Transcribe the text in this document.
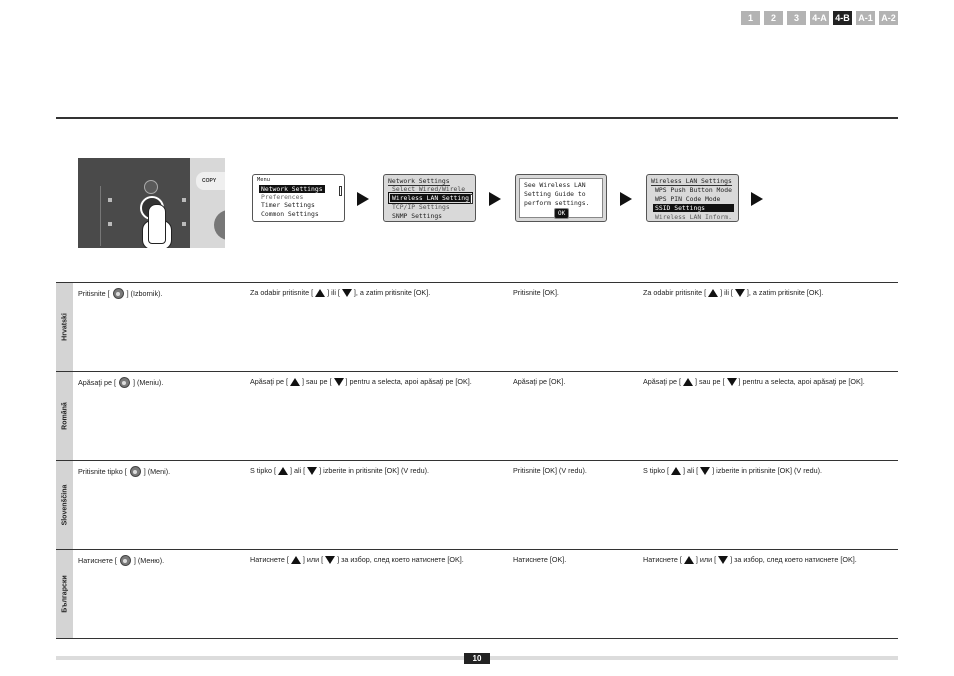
1	2	3	4-A 4-B A-1 A-2
COPY	Menu
Network Settings
Preferences
Timer Settings
Common Settings
Network Settings
Select Wired/Wirele
Wireless LAN Setting
TCP/IP Settings
SNMP Settings
See Wireless LAN
Setting Guide to
perform settings.
OK
Wireless LAN Settings
WPS Push Button Mode
WPS PIN Code Mode
SSID Settings
Wireless LAN Inform.
Hrvatski
Pritisnite [ ] (Izbornik).	Za odabir pritisnite [ ] ili [ ], a zatim pritisnite [OK].	Pritisnite [OK].	Za odabir pritisnite [ ] ili [ ], a zatim pritisnite [OK].
Română
Apăsaţi pe [ ] (Meniu).	Apăsaţi pe [ ] sau pe [ ] pentru a selecta, apoi apăsaţi pe [OK].	Apăsaţi pe [OK].	Apăsaţi pe [ ] sau pe [ ] pentru a selecta, apoi apăsaţi pe [OK].
Slovenščina
Pritisnite tipko [ ] (Meni).	S tipko [ ] ali [ ] izberite in pritisnite [OK] (V redu).	Pritisnite [OK] (V redu).	S tipko [ ] ali [ ] izberite in pritisnite [OK] (V redu).
Български
Натиснете [ ] (Меню).	Натиснете [ ] или [ ] за избор, след което натиснете [OK].	Натиснете [OK].	Натиснете [ ] или [ ] за избор, след което натиснете [OK].
10
